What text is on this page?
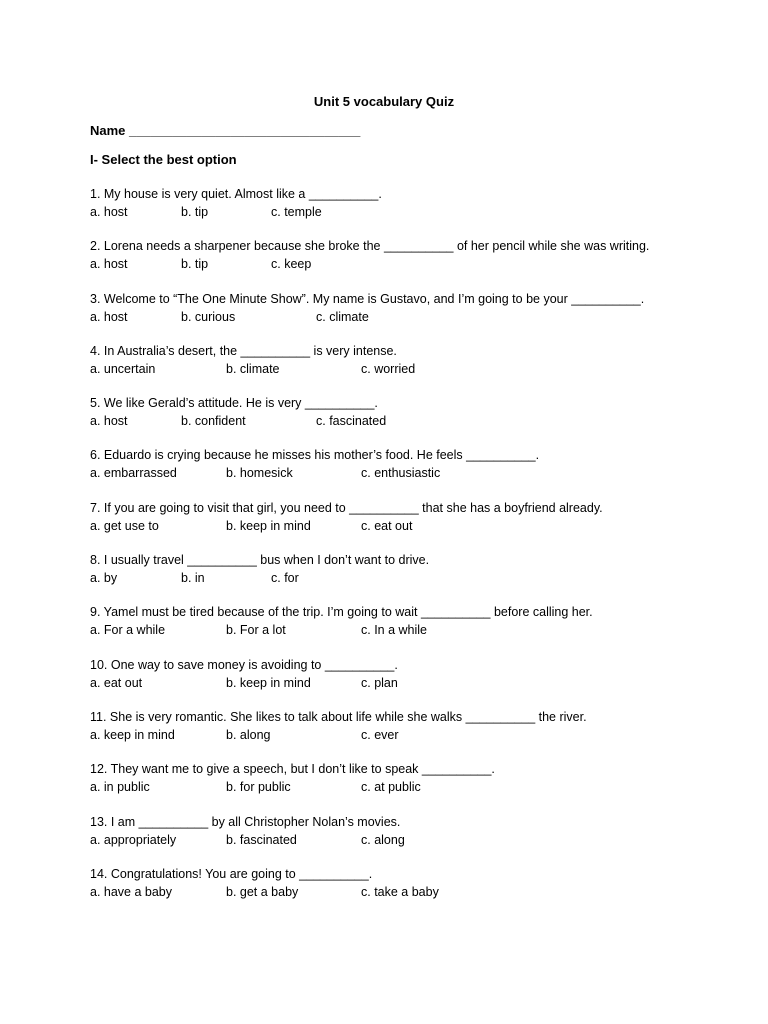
Unit 5 vocabulary Quiz
Name ________________________________
I- Select the best option
1. My house is very quiet. Almost like a __________.
a. host	b. tip	c. temple
2. Lorena needs a sharpener because she broke the __________ of her pencil while she was writing.
a. host	b. tip	c. keep
3. Welcome to “The One Minute Show”. My name is Gustavo, and I’m going to be your __________.
a. host	b. curious	c. climate
4. In Australia’s desert, the __________ is very intense.
a. uncertain	b. climate	c. worried
5. We like Gerald’s attitude. He is very __________.
a. host	b. confident	c. fascinated
6. Eduardo is crying because he misses his mother’s food. He feels __________.
a. embarrassed	b. homesick	c. enthusiastic
7. If you are going to visit that girl, you need to __________ that she has a boyfriend already.
a. get use to	b. keep in mind	c. eat out
8. I usually travel __________ bus when I don’t want to drive.
a. by	b. in	c. for
9. Yamel must be tired because of the trip. I’m going to wait __________ before calling her.
a. For a while	b. For a lot	c. In a while
10. One way to save money is avoiding to __________.
a. eat out	b. keep in mind	c. plan
11. She is very romantic. She likes to talk about life while she walks __________ the river.
a. keep in mind	b. along	c. ever
12. They want me to give a speech, but I don’t like to speak __________.
a. in public	b. for public	c. at public
13. I am __________ by all Christopher Nolan’s movies.
a. appropriately	b. fascinated	c. along
14. Congratulations! You are going to __________.
a. have a baby	b. get a baby	c. take a baby
